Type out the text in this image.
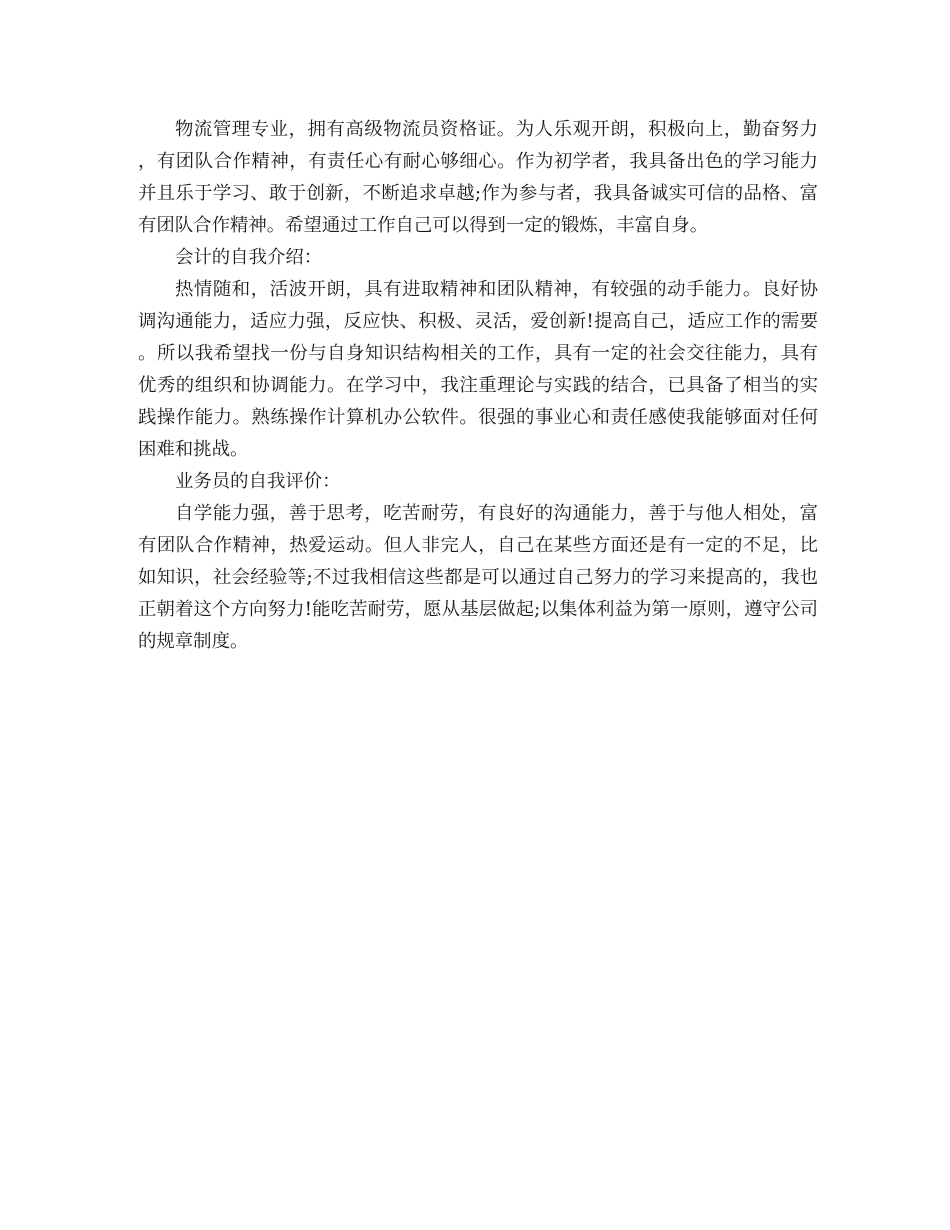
物流管理专业，拥有高级物流员资格证。为人乐观开朗，积极向上，勤奋努力，有团队合作精神，有责任心有耐心够细心。作为初学者，我具备出色的学习能力并且乐于学习、敢于创新，不断追求卓越;作为参与者，我具备诚实可信的品格、富有团队合作精神。希望通过工作自己可以得到一定的锻炼，丰富自身。

会计的自我介绍：

热情随和，活波开朗，具有进取精神和团队精神，有较强的动手能力。良好协调沟通能力，适应力强，反应快、积极、灵活，爱创新!提高自己，适应工作的需要。所以我希望找一份与自身知识结构相关的工作，具有一定的社会交往能力，具有优秀的组织和协调能力。在学习中，我注重理论与实践的结合，已具备了相当的实践操作能力。熟练操作计算机办公软件。很强的事业心和责任感使我能够面对任何困难和挑战。

业务员的自我评价：

自学能力强，善于思考，吃苦耐劳，有良好的沟通能力，善于与他人相处，富有团队合作精神，热爱运动。但人非完人，自己在某些方面还是有一定的不足，比如知识，社会经验等;不过我相信这些都是可以通过自己努力的学习来提高的，我也正朝着这个方向努力!能吃苦耐劳，愿从基层做起;以集体利益为第一原则，遵守公司的规章制度。
